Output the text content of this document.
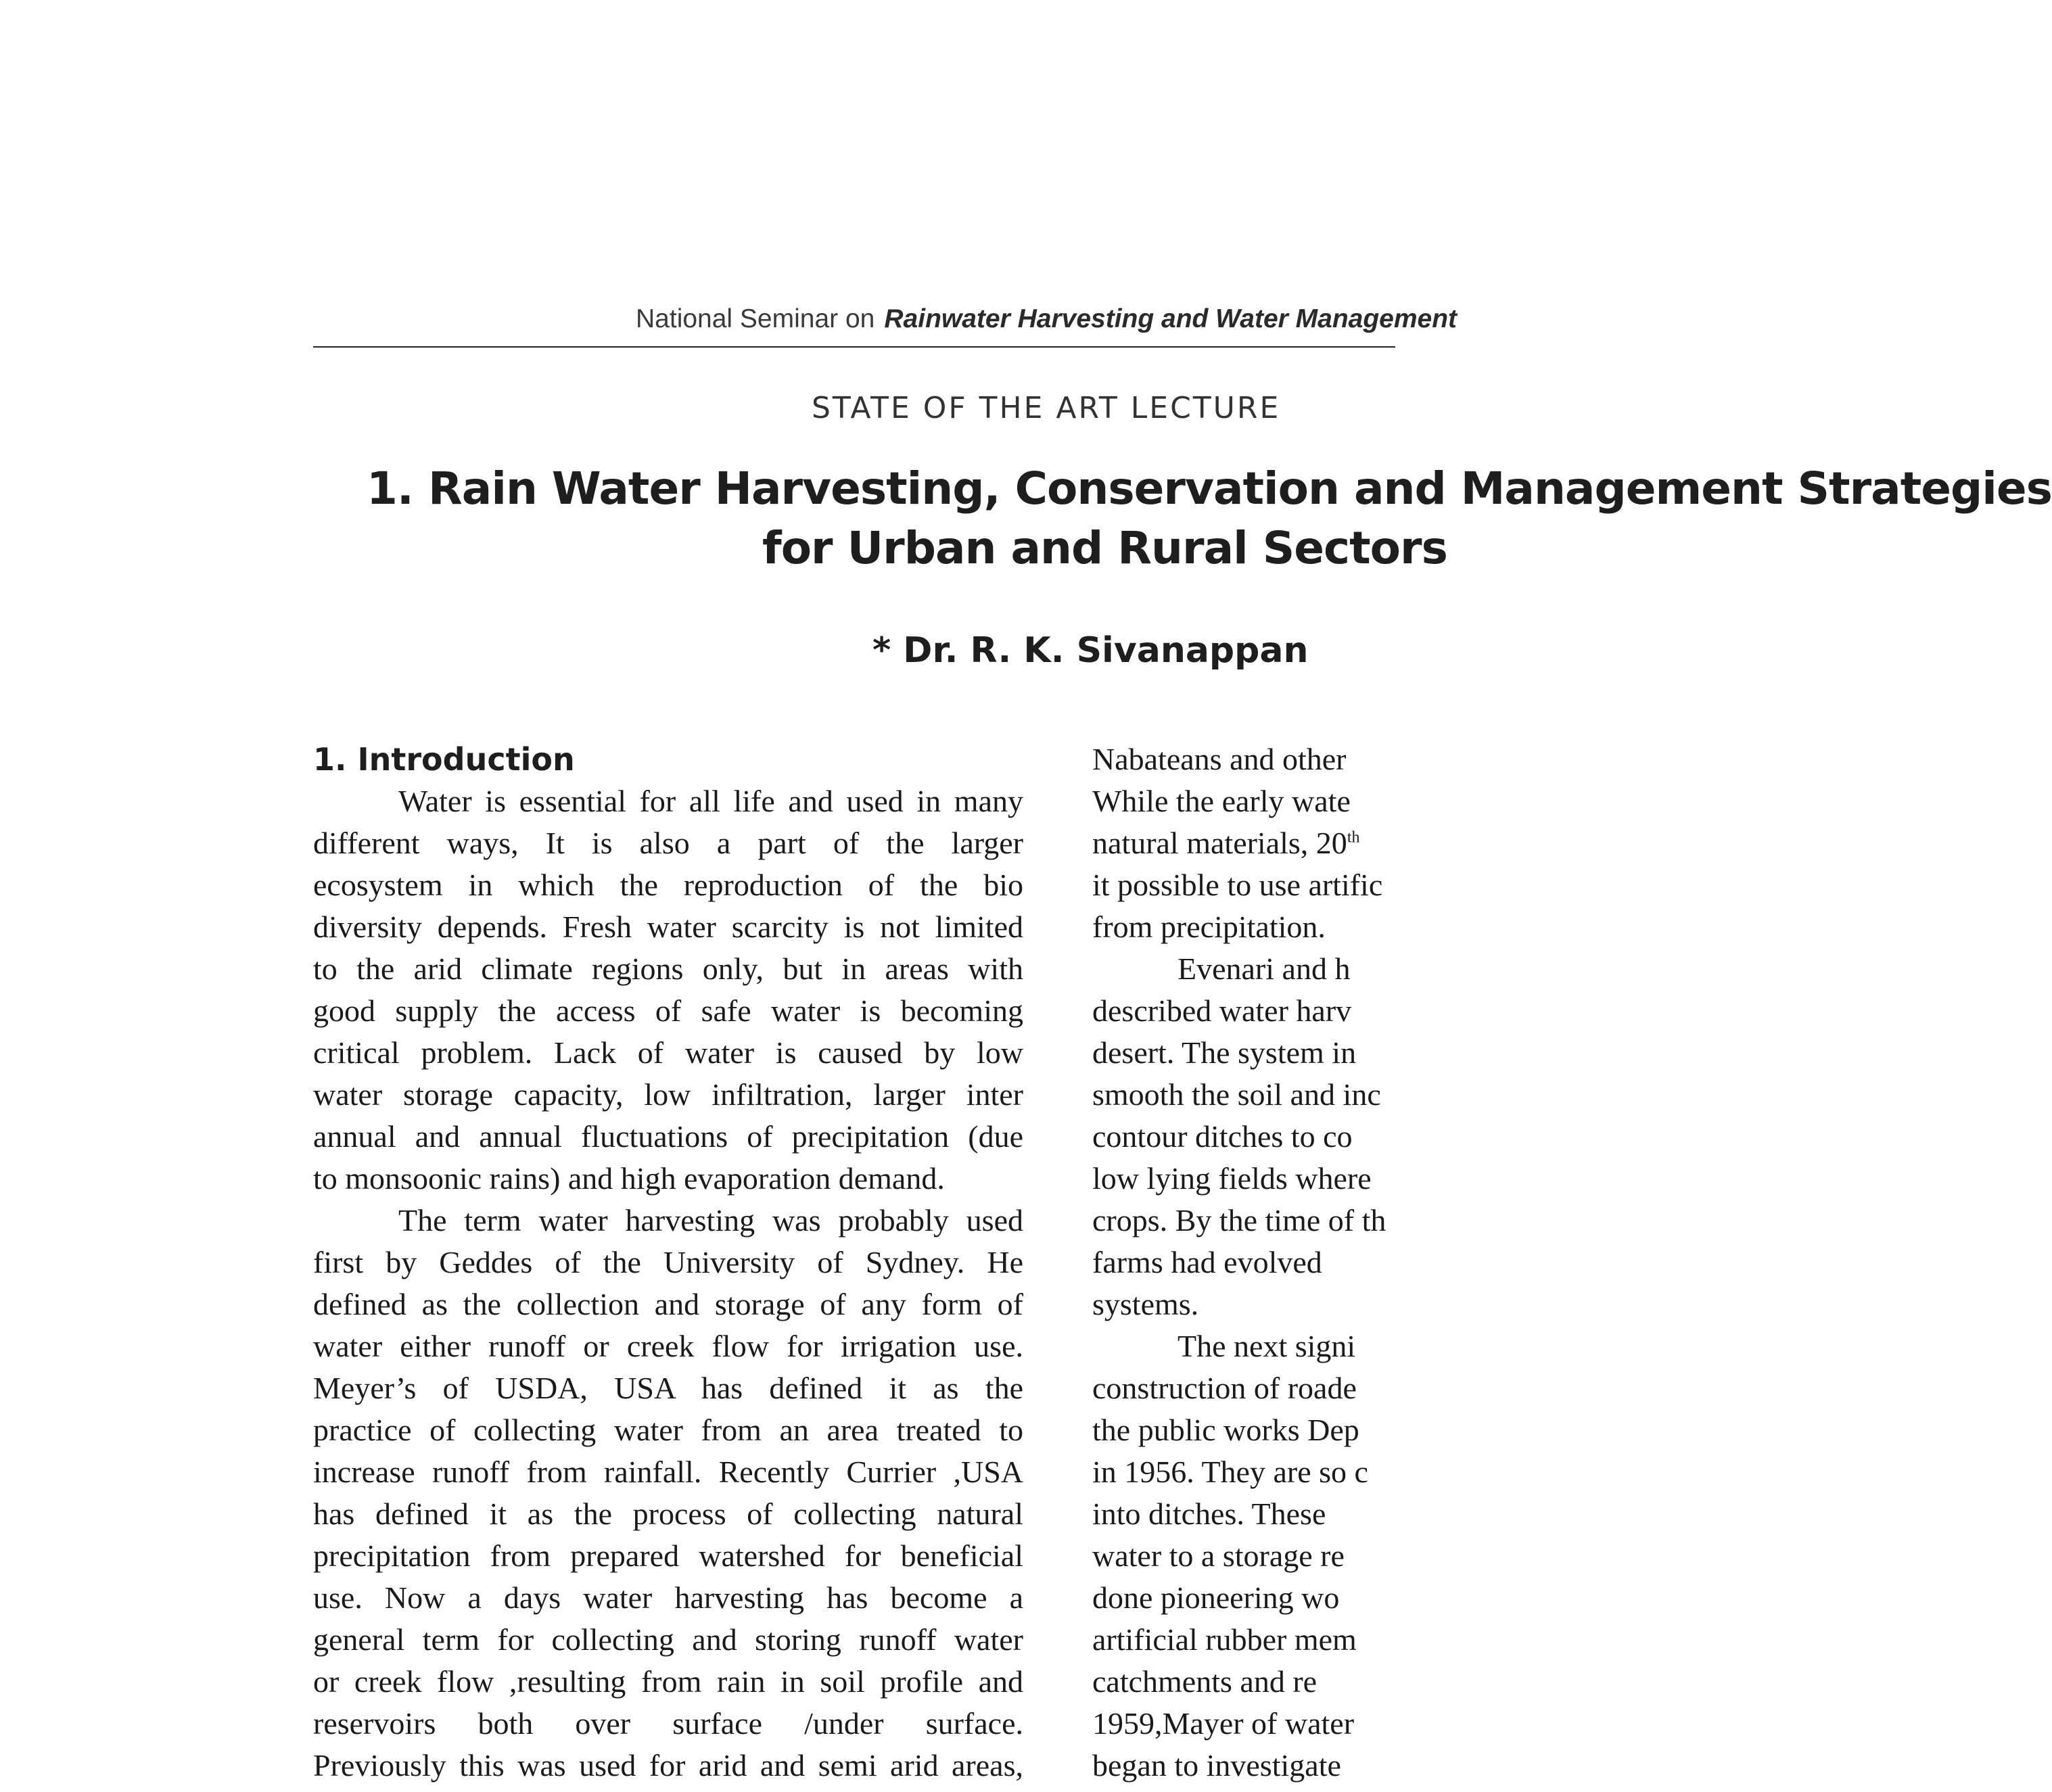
National Seminar on Rainwater Harvesting and Water Management
STATE OF THE ART LECTURE
1. Rain Water Harvesting, Conservation and Management Strategies
for Urban and Rural Sectors
* Dr. R. K. Sivanappan
1. Introduction

Water is essential for all life and used in many
different ways, It is also a part of the larger
ecosystem in which the reproduction of the bio
diversity depends. Fresh water scarcity is not limited
to the arid climate regions only, but in areas with
good supply the access of safe water is becoming
critical problem. Lack of water is caused by low
water storage capacity, low infiltration, larger inter
annual and annual fluctuations of precipitation (due
to monsoonic rains) and high evaporation demand.

The term water harvesting was probably used
first by Geddes of the University of Sydney. He
defined as the collection and storage of any form of
water either runoff or creek flow for irrigation use.
Meyer’s of USDA, USA has defined it as the
practice of collecting water from an area treated to
increase runoff from rainfall. Recently Currier ,USA
has defined it as the process of collecting natural
precipitation from prepared watershed for beneficial
use. Now a days water harvesting has become a
general term for collecting and storing runoff water
or creek flow ,resulting from rain in soil profile and
reservoirs both over surface /under surface.
Previously this was used for arid and semi arid areas,

Nabateans and other
While the early wate
natural materials, 20th
it possible to use artific
from precipitation.
Evenari and h
described water harv
desert. The system in
smooth the soil and inc
contour ditches to co
low lying fields where
crops. By the time of th
farms had evolved
systems.
The next signi
construction of roade
the public works Dep
in 1956. They are so c
into ditches. These
water to a storage re
done pioneering wo
artificial rubber mem
catchments and re
1959,Mayer of water
began to investigate
